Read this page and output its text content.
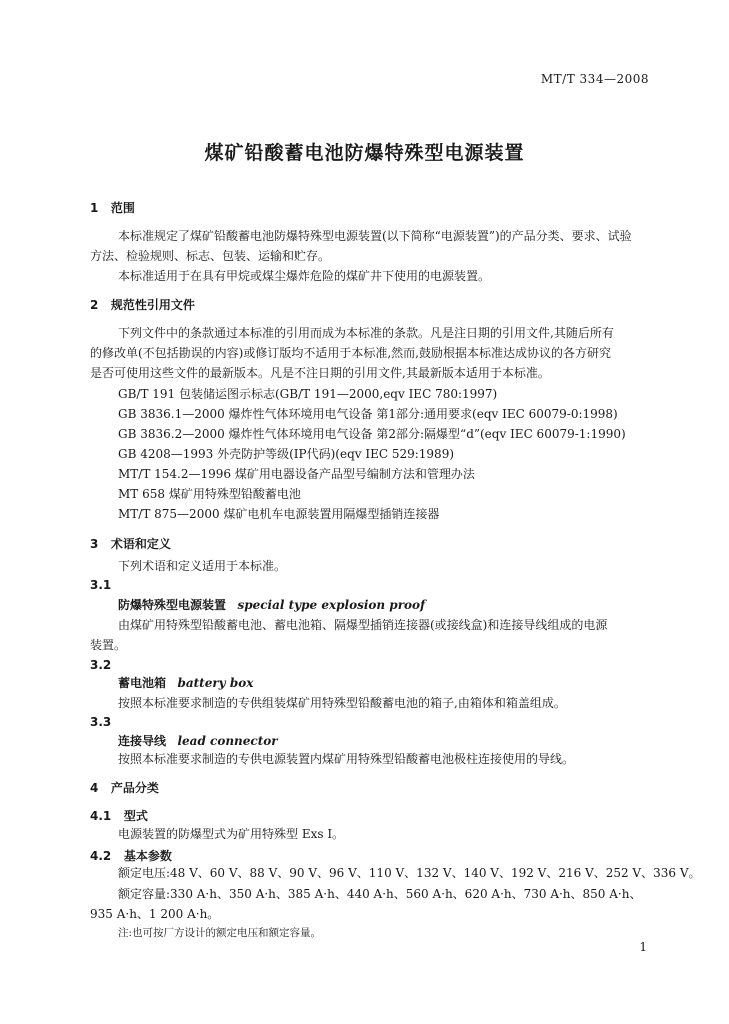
MT/T 334—2008
煤矿铅酸蓄电池防爆特殊型电源装置
1 范围
本标准规定了煤矿铅酸蓄电池防爆特殊型电源装置(以下简称“电源装置”)的产品分类、要求、试验
方法、检验规则、标志、包装、运输和贮存。
本标准适用于在具有甲烷或煤尘爆炸危险的煤矿井下使用的电源装置。
2 规范性引用文件
下列文件中的条款通过本标准的引用而成为本标准的条款。凡是注日期的引用文件,其随后所有
的修改单(不包括勘误的内容)或修订版均不适用于本标准,然而,鼓励根据本标准达成协议的各方研究
是否可使用这些文件的最新版本。凡是不注日期的引用文件,其最新版本适用于本标准。
GB/T 191 包装储运图示标志(GB/T 191—2000,eqv IEC 780:1997)
GB 3836.1—2000 爆炸性气体环境用电气设备 第1部分:通用要求(eqv IEC 60079-0:1998)
GB 3836.2—2000 爆炸性气体环境用电气设备 第2部分:隔爆型“d”(eqv IEC 60079-1:1990)
GB 4208—1993 外壳防护等级(IP代码)(eqv IEC 529:1989)
MT/T 154.2—1996 煤矿用电器设备产品型号编制方法和管理办法
MT 658 煤矿用特殊型铅酸蓄电池
MT/T 875—2000 煤矿电机车电源装置用隔爆型插销连接器
3 术语和定义
下列术语和定义适用于本标准。
3.1
防爆特殊型电源装置 special type explosion proof
由煤矿用特殊型铅酸蓄电池、蓄电池箱、隔爆型插销连接器(或接线盒)和连接导线组成的电源
装置。
3.2
蓄电池箱 battery box
按照本标准要求制造的专供组装煤矿用特殊型铅酸蓄电池的箱子,由箱体和箱盖组成。
3.3
连接导线 lead connector
按照本标准要求制造的专供电源装置内煤矿用特殊型铅酸蓄电池极柱连接使用的导线。
4 产品分类
4.1 型式
电源装置的防爆型式为矿用特殊型 Exs Ⅰ。
4.2 基本参数
额定电压:48 V、60 V、88 V、90 V、96 V、110 V、132 V、140 V、192 V、216 V、252 V、336 V。
额定容量:330 A·h、350 A·h、385 A·h、440 A·h、560 A·h、620 A·h、730 A·h、850 A·h、
935 A·h、1 200 A·h。
注:也可按厂方设计的额定电压和额定容量。
1
